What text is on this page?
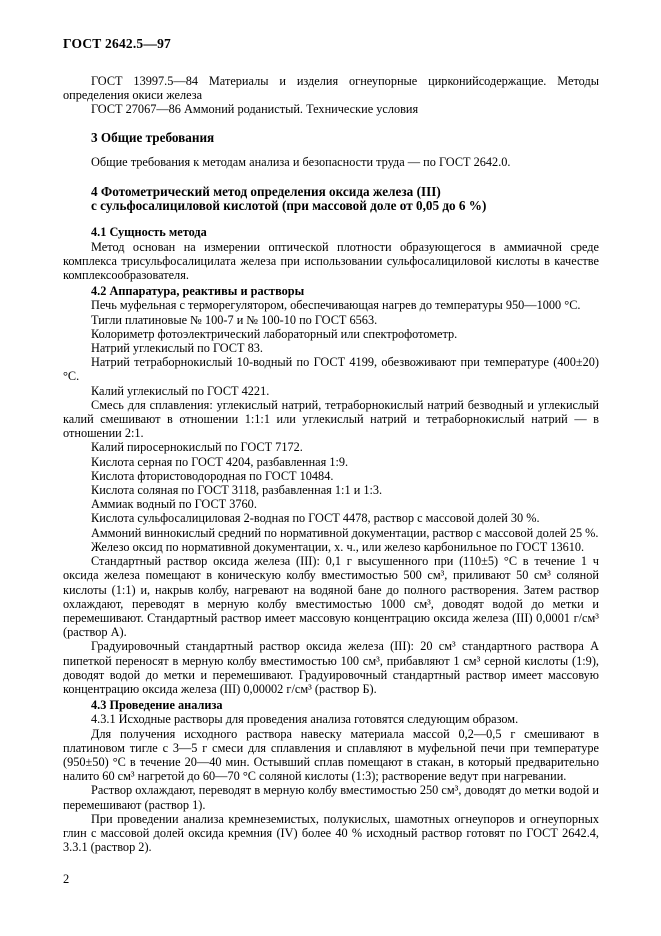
ГОСТ 2642.5—97

ГОСТ 13997.5—84 Материалы и изделия огнеупорные цирконийсодержащие. Методы определения окиси железа

ГОСТ 27067—86 Аммоний роданистый. Технические условия

3 Общие требования

Общие требования к методам анализа и безопасности труда — по ГОСТ 2642.0.

4 Фотометрический метод определения оксида железа (III)
с сульфосалициловой кислотой (при массовой доле от 0,05 до 6 %)
4.1 Сущность метода

Метод основан на измерении оптической плотности образующегося в аммиачной среде комплекса трисульфосалицилата железа при использовании сульфосалициловой кислоты в качестве комплексообразователя.

4.2 Аппаратура, реактивы и растворы

Печь муфельная с терморегулятором, обеспечивающая нагрев до температуры 950—1000 °С.

Тигли платиновые № 100-7 и № 100-10 по ГОСТ 6563.

Колориметр фотоэлектрический лабораторный или спектрофотометр.

Натрий углекислый по ГОСТ 83.

Натрий тетраборнокислый 10-водный по ГОСТ 4199, обезвоживают при температуре (400±20) °С.

Калий углекислый по ГОСТ 4221.

Смесь для сплавления: углекислый натрий, тетраборнокислый натрий безводный и углекислый калий смешивают в отношении 1:1:1 или углекислый натрий и тетраборнокислый натрий — в отношении 2:1.

Калий пиросернокислый по ГОСТ 7172.

Кислота серная по ГОСТ 4204, разбавленная 1:9.

Кислота фтористоводородная по ГОСТ 10484.

Кислота соляная по ГОСТ 3118, разбавленная 1:1 и 1:3.

Аммиак водный по ГОСТ 3760.

Кислота сульфосалициловая 2-водная по ГОСТ 4478, раствор с массовой долей 30 %.

Аммоний виннокислый средний по нормативной документации, раствор с массовой долей 25 %.

Железо оксид по нормативной документации, х. ч., или железо карбонильное по ГОСТ 13610.

Стандартный раствор оксида железа (III): 0,1 г высушенного при (110±5) °С в течение 1 ч оксида железа помещают в коническую колбу вместимостью 500 см³, приливают 50 см³ соляной кислоты (1:1) и, накрыв колбу, нагревают на водяной бане до полного растворения. Затем раствор охлаждают, переводят в мерную колбу вместимостью 1000 см³, доводят водой до метки и перемешивают. Стандартный раствор имеет массовую концентрацию оксида железа (III) 0,0001 г/см³ (раствор А).

Градуировочный стандартный раствор оксида железа (III): 20 см³ стандартного раствора А пипеткой переносят в мерную колбу вместимостью 100 см³, прибавляют 1 см³ серной кислоты (1:9), доводят водой до метки и перемешивают. Градуировочный стандартный раствор имеет массовую концентрацию оксида железа (III) 0,00002 г/см³ (раствор Б).

4.3 Проведение анализа

4.3.1 Исходные растворы для проведения анализа готовятся следующим образом.

Для получения исходного раствора навеску материала массой 0,2—0,5 г смешивают в платиновом тигле с 3—5 г смеси для сплавления и сплавляют в муфельной печи при температуре (950±50) °С в течение 20—40 мин. Остывший сплав помещают в стакан, в который предварительно налито 60 см³ нагретой до 60—70 °С соляной кислоты (1:3); растворение ведут при нагревании.

Раствор охлаждают, переводят в мерную колбу вместимостью 250 см³, доводят до метки водой и перемешивают (раствор 1).

При проведении анализа кремнеземистых, полукислых, шамотных огнеупоров и огнеупорных глин с массовой долей оксида кремния (IV) более 40 % исходный раствор готовят по ГОСТ 2642.4, 3.3.1 (раствор 2).

2
